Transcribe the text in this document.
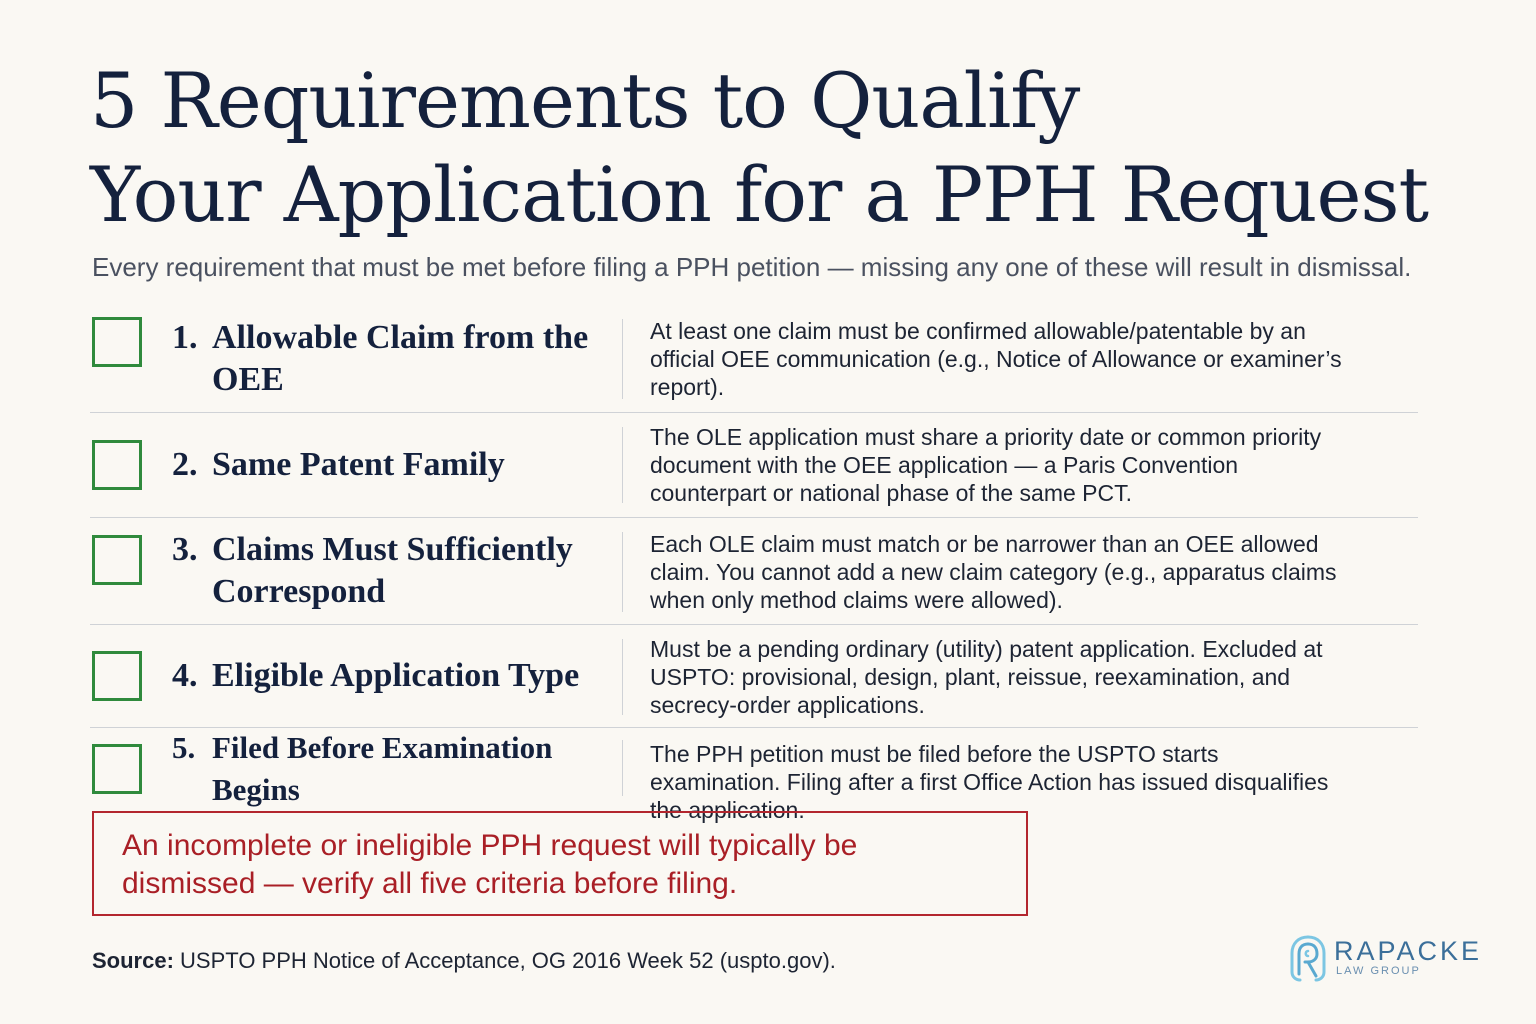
5 Requirements to Qualify
Your Application for a PPH Request

Every requirement that must be met before filing a PPH petition — missing any one of these will result in dismissal.

1. Allowable Claim from the OEE
At least one claim must be confirmed allowable/patentable by an official OEE communication (e.g., Notice of Allowance or examiner’s report).
2. Same Patent Family
The OLE application must share a priority date or common priority document with the OEE application — a Paris Convention counterpart or national phase of the same PCT.
3. Claims Must Sufficiently Correspond
Each OLE claim must match or be narrower than an OEE allowed claim. You cannot add a new claim category (e.g., apparatus claims when only method claims were allowed).
4. Eligible Application Type
Must be a pending ordinary (utility) patent application. Excluded at USPTO: provisional, design, plant, reissue, reexamination, and secrecy-order applications.
5. Filed Before Examination Begins
The PPH petition must be filed before the USPTO starts examination. Filing after a first Office Action has issued disqualifies the application.
An incomplete or ineligible PPH request will typically be dismissed — verify all five criteria before filing.
Source: USPTO PPH Notice of Acceptance, OG 2016 Week 52 (uspto.gov).	RAPACKE
LAW GROUP
